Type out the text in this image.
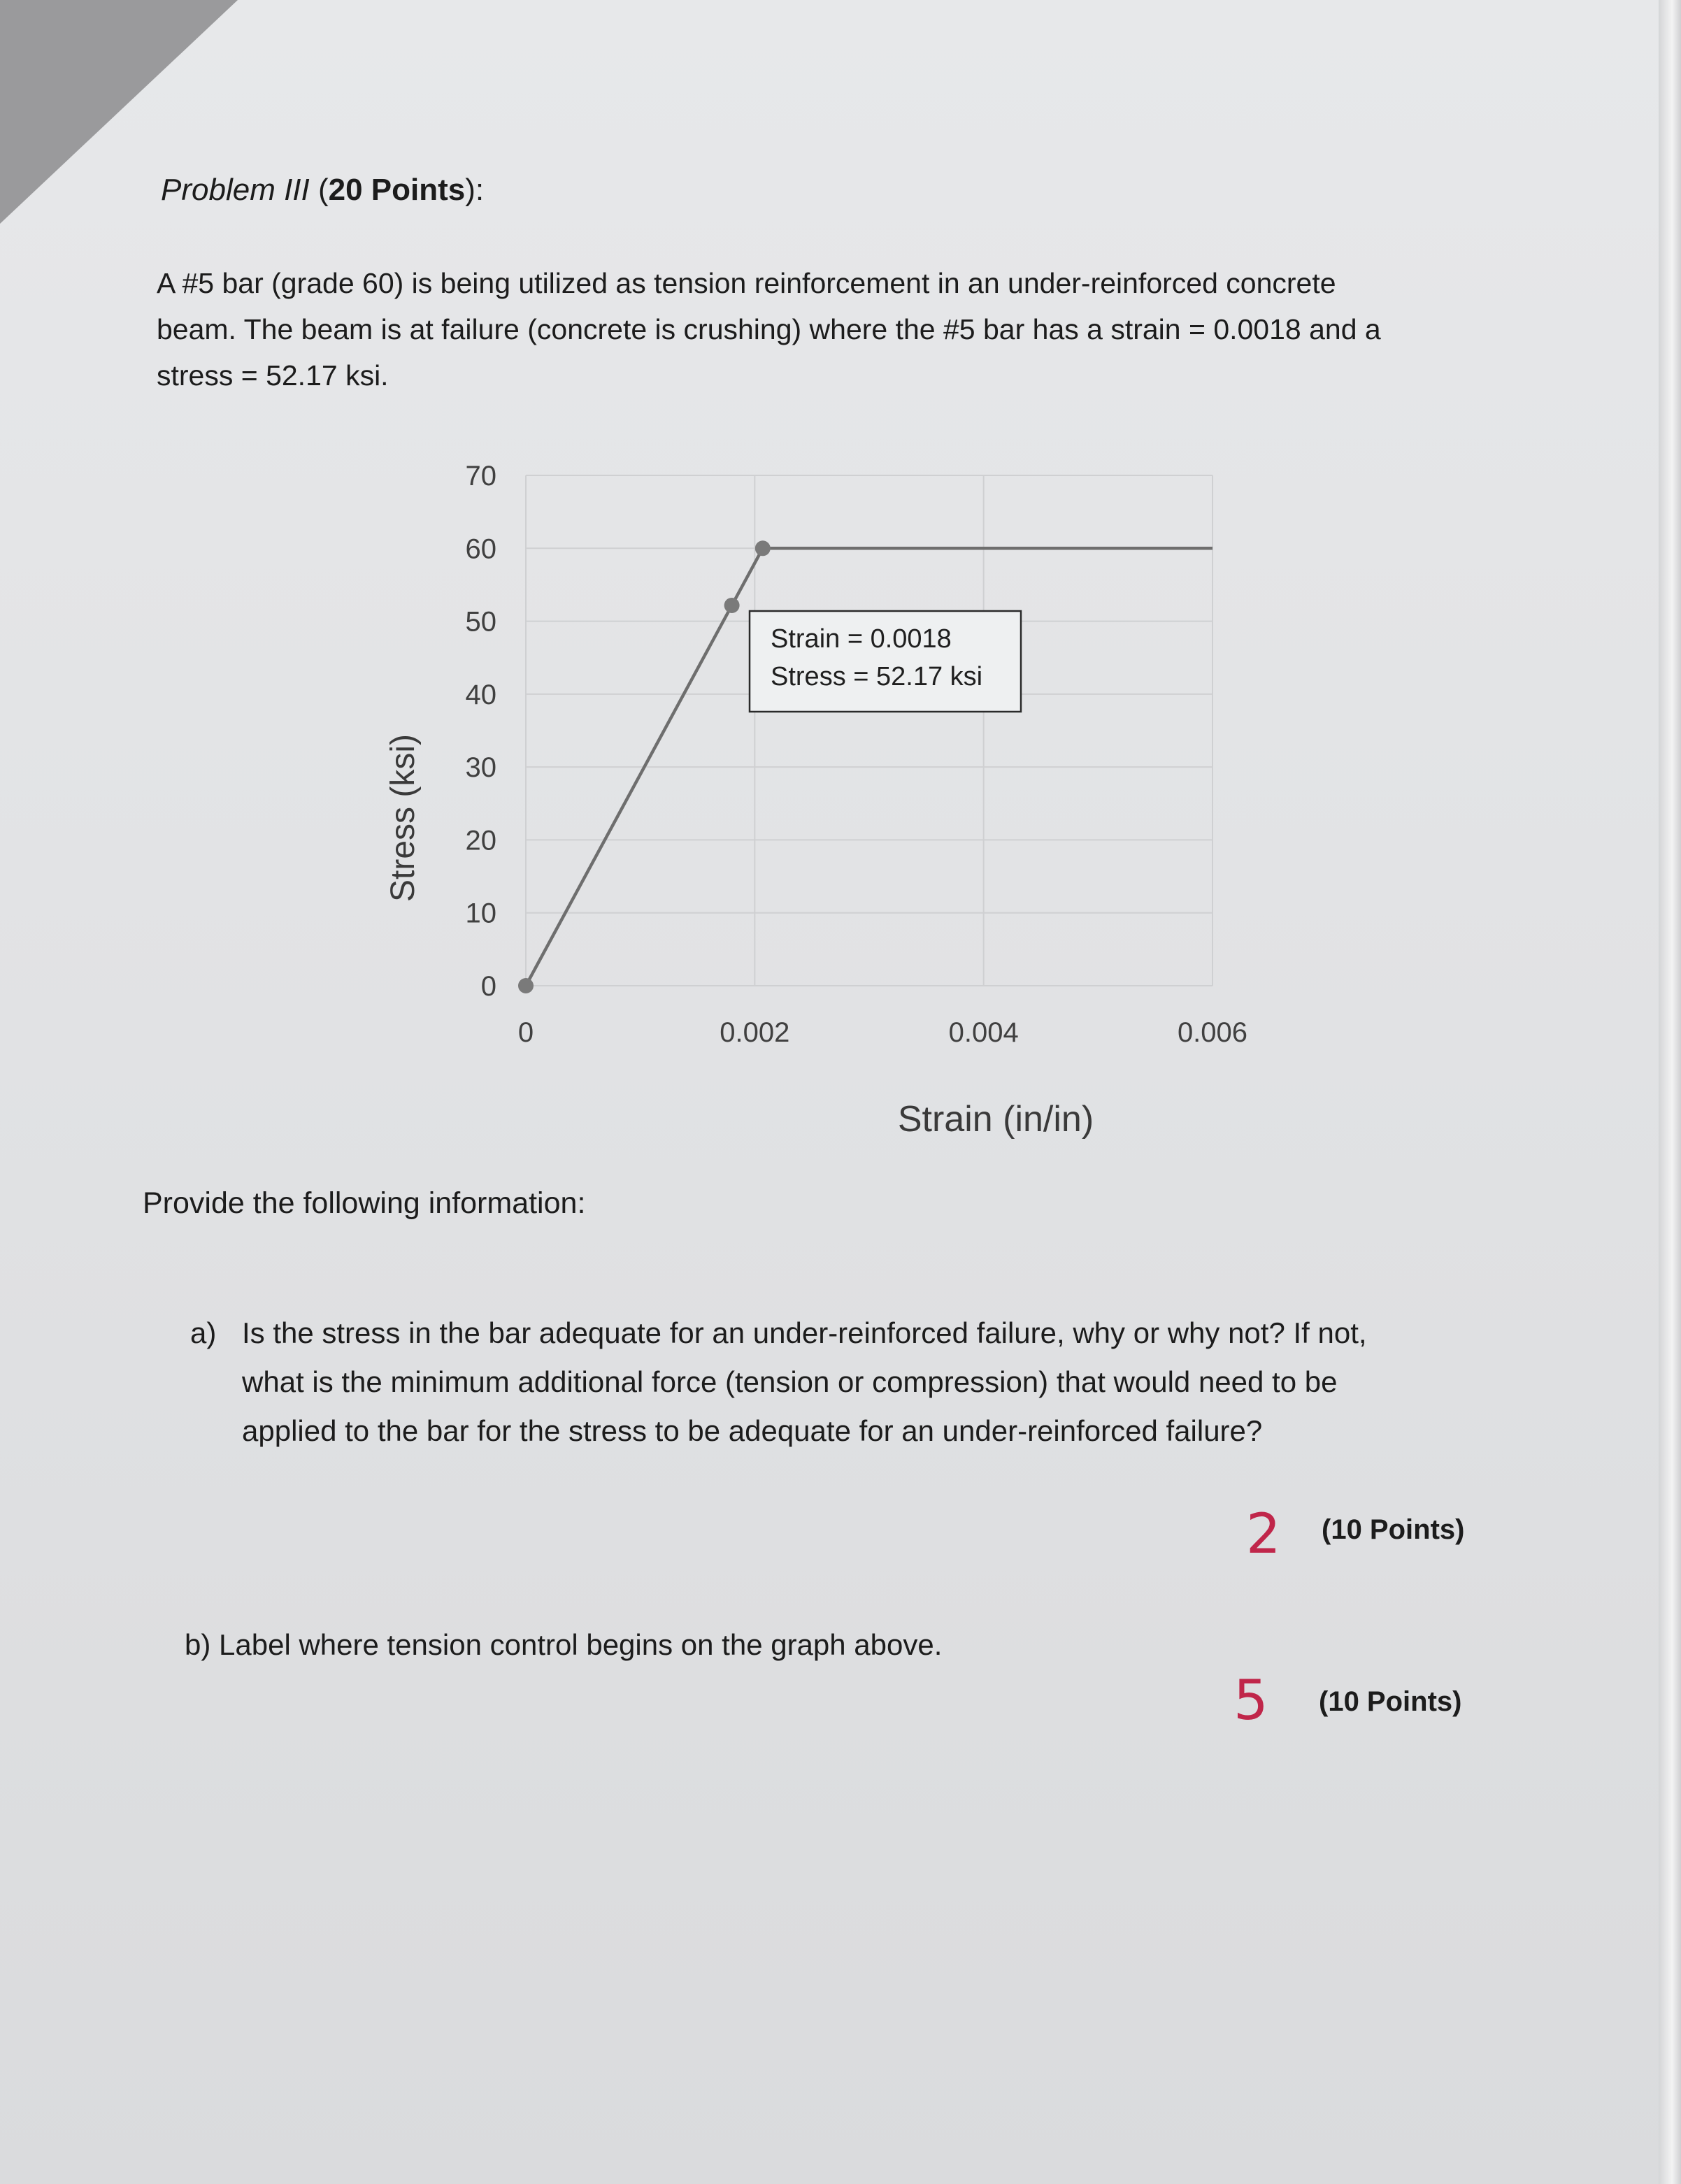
Problem III (20 Points):
A #5 bar (grade 60) is being utilized as tension reinforcement in an under-reinforced concrete
beam. The beam is at failure (concrete is crushing) where the #5 bar has a strain = 0.0018 and a
stress = 52.17 ksi.
0
10
20
30
40
50
60
70
0	0.002	0.004	0.006
Strain = 0.0018
Stress = 52.17 ksi
Stress (ksi)
Strain (in/in)
Provide the following information:
a) Is the stress in the bar adequate for an under-reinforced failure, why or why not? If not,
what is the minimum additional force (tension or compression) that would need to be
applied to the bar for the stress to be adequate for an under-reinforced failure?
2 (10 Points)
b) Label where tension control begins on the graph above.
5 (10 Points)
